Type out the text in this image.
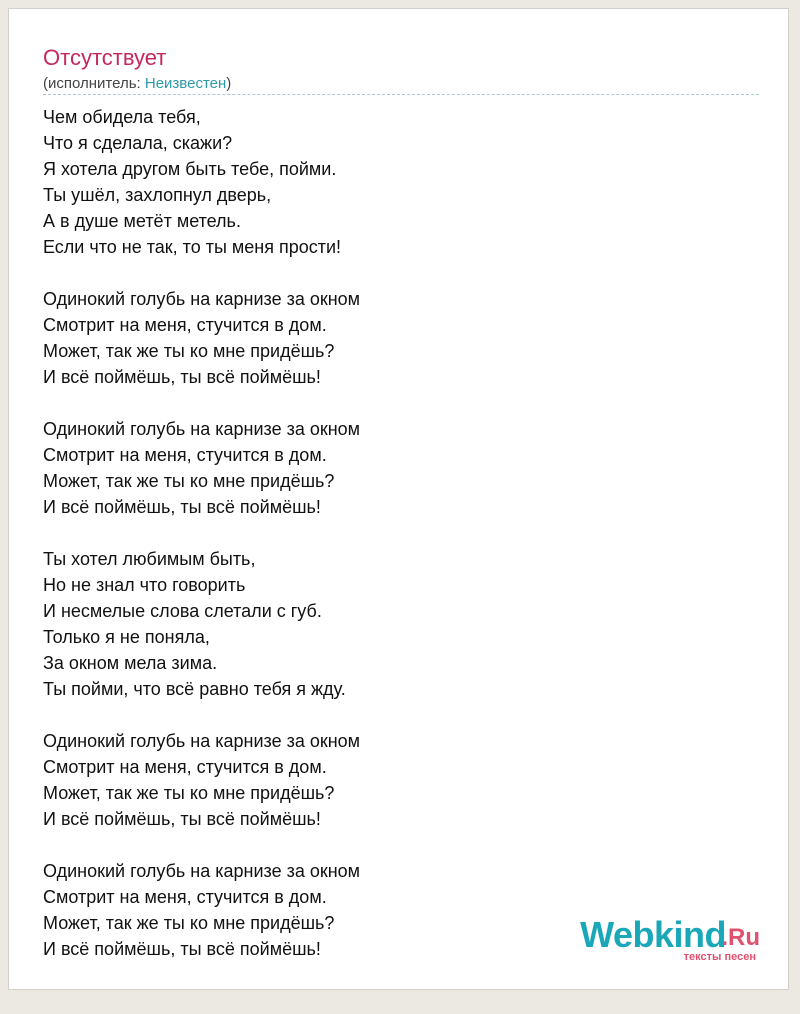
Отсутствует
(исполнитель: Неизвестен)
Чем обидела тебя,
Что я сделала, скажи?
Я хотела другом быть тебе, пойми.
Ты ушёл, захлопнул дверь,
А в душе метёт метель.
Если что не так, то ты меня прости!
Одинокий голубь на карнизе за окном
Смотрит на меня, стучится в дом.
Может, так же ты ко мне придёшь?
И всё поймёшь, ты всё поймёшь!
Одинокий голубь на карнизе за окном
Смотрит на меня, стучится в дом.
Может, так же ты ко мне придёшь?
И всё поймёшь, ты всё поймёшь!
Ты хотел любимым быть,
Но не знал что говорить
И несмелые слова слетали с губ.
Только я не поняла,
За окном мела зима.
Ты пойми, что всё равно тебя я жду.
Одинокий голубь на карнизе за окном
Смотрит на меня, стучится в дом.
Может, так же ты ко мне придёшь?
И всё поймёшь, ты всё поймёшь!
Одинокий голубь на карнизе за окном
Смотрит на меня, стучится в дом.
Может, так же ты ко мне придёшь?
И всё поймёшь, ты всё поймёшь!	Webkind
.Ru
тексты песен
